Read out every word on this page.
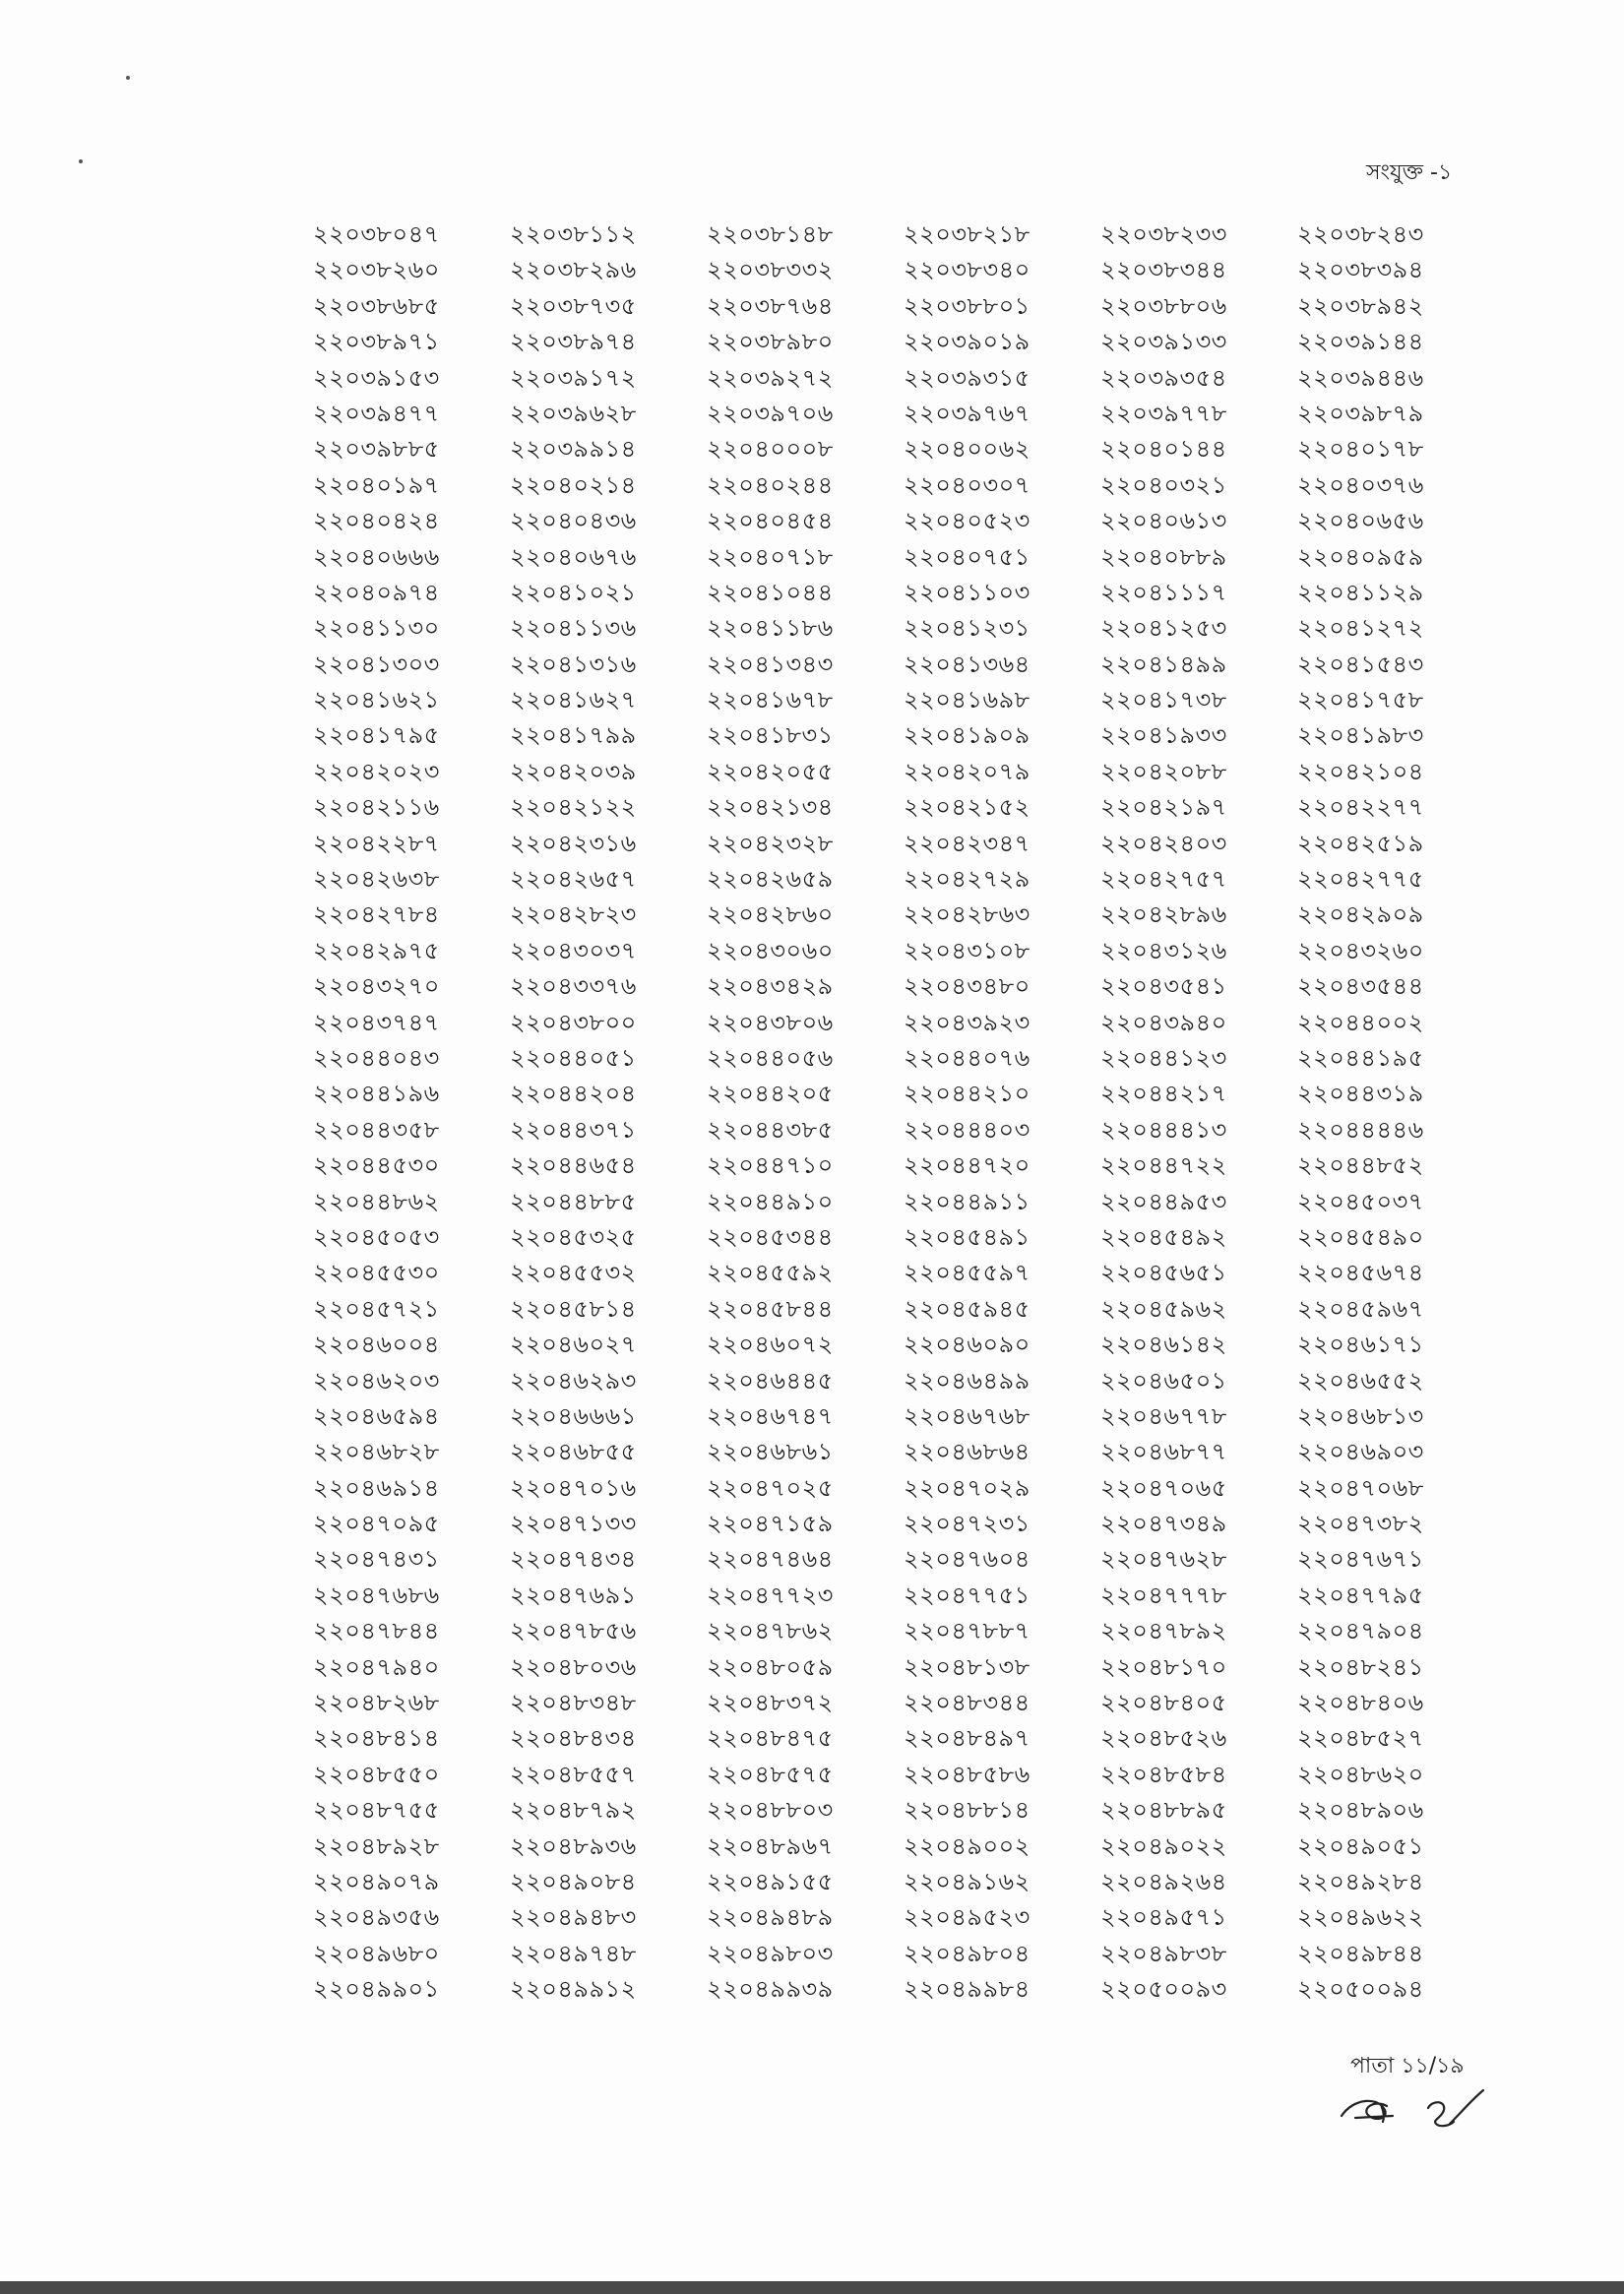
সংযুক্ত -১
২২০৩৮০৪৭	২২০৩৮১১২	২২০৩৮১৪৮	২২০৩৮২১৮	২২০৩৮২৩৩	২২০৩৮২৪৩
২২০৩৮২৬০	২২০৩৮২৯৬	২২০৩৮৩৩২	২২০৩৮৩৪০	২২০৩৮৩৪৪	২২০৩৮৩৯৪
২২০৩৮৬৮৫	২২০৩৮৭৩৫	২২০৩৮৭৬৪	২২০৩৮৮০১	২২০৩৮৮০৬	২২০৩৮৯৪২
২২০৩৮৯৭১	২২০৩৮৯৭৪	২২০৩৮৯৮০	২২০৩৯০১৯	২২০৩৯১৩৩	২২০৩৯১৪৪
২২০৩৯১৫৩	২২০৩৯১৭২	২২০৩৯২৭২	২২০৩৯৩১৫	২২০৩৯৩৫৪	২২০৩৯৪৪৬
২২০৩৯৪৭৭	২২০৩৯৬২৮	২২০৩৯৭০৬	২২০৩৯৭৬৭	২২০৩৯৭৭৮	২২০৩৯৮৭৯
২২০৩৯৮৮৫	২২০৩৯৯১৪	২২০৪০০০৮	২২০৪০০৬২	২২০৪০১৪৪	২২০৪০১৭৮
২২০৪০১৯৭	২২০৪০২১৪	২২০৪০২৪৪	২২০৪০৩০৭	২২০৪০৩২১	২২০৪০৩৭৬
২২০৪০৪২৪	২২০৪০৪৩৬	২২০৪০৪৫৪	২২০৪০৫২৩	২২০৪০৬১৩	২২০৪০৬৫৬
২২০৪০৬৬৬	২২০৪০৬৭৬	২২০৪০৭১৮	২২০৪০৭৫১	২২০৪০৮৮৯	২২০৪০৯৫৯
২২০৪০৯৭৪	২২০৪১০২১	২২০৪১০৪৪	২২০৪১১০৩	২২০৪১১১৭	২২০৪১১২৯
২২০৪১১৩০	২২০৪১১৩৬	২২০৪১১৮৬	২২০৪১২৩১	২২০৪১২৫৩	২২০৪১২৭২
২২০৪১৩০৩	২২০৪১৩১৬	২২০৪১৩৪৩	২২০৪১৩৬৪	২২০৪১৪৯৯	২২০৪১৫৪৩
২২০৪১৬২১	২২০৪১৬২৭	২২০৪১৬৭৮	২২০৪১৬৯৮	২২০৪১৭৩৮	২২০৪১৭৫৮
২২০৪১৭৯৫	২২০৪১৭৯৯	২২০৪১৮৩১	২২০৪১৯০৯	২২০৪১৯৩৩	২২০৪১৯৮৩
২২০৪২০২৩	২২০৪২০৩৯	২২০৪২০৫৫	২২০৪২০৭৯	২২০৪২০৮৮	২২০৪২১০৪
২২০৪২১১৬	২২০৪২১২২	২২০৪২১৩৪	২২০৪২১৫২	২২০৪২১৯৭	২২০৪২২৭৭
২২০৪২২৮৭	২২০৪২৩১৬	২২০৪২৩২৮	২২০৪২৩৪৭	২২০৪২৪০৩	২২০৪২৫১৯
২২০৪২৬৩৮	২২০৪২৬৫৭	২২০৪২৬৫৯	২২০৪২৭২৯	২২০৪২৭৫৭	২২০৪২৭৭৫
২২০৪২৭৮৪	২২০৪২৮২৩	২২০৪২৮৬০	২২০৪২৮৬৩	২২০৪২৮৯৬	২২০৪২৯০৯
২২০৪২৯৭৫	২২০৪৩০৩৭	২২০৪৩০৬০	২২০৪৩১০৮	২২০৪৩১২৬	২২০৪৩২৬০
২২০৪৩২৭০	২২০৪৩৩৭৬	২২০৪৩৪২৯	২২০৪৩৪৮০	২২০৪৩৫৪১	২২০৪৩৫৪৪
২২০৪৩৭৪৭	২২০৪৩৮০০	২২০৪৩৮০৬	২২০৪৩৯২৩	২২০৪৩৯৪০	২২০৪৪০০২
২২০৪৪০৪৩	২২০৪৪০৫১	২২০৪৪০৫৬	২২০৪৪০৭৬	২২০৪৪১২৩	২২০৪৪১৯৫
২২০৪৪১৯৬	২২০৪৪২০৪	২২০৪৪২০৫	২২০৪৪২১০	২২০৪৪২১৭	২২০৪৪৩১৯
২২০৪৪৩৫৮	২২০৪৪৩৭১	২২০৪৪৩৮৫	২২০৪৪৪০৩	২২০৪৪৪১৩	২২০৪৪৪৪৬
২২০৪৪৫৩০	২২০৪৪৬৫৪	২২০৪৪৭১০	২২০৪৪৭২০	২২০৪৪৭২২	২২০৪৪৮৫২
২২০৪৪৮৬২	২২০৪৪৮৮৫	২২০৪৪৯১০	২২০৪৪৯১১	২২০৪৪৯৫৩	২২০৪৫০৩৭
২২০৪৫০৫৩	২২০৪৫৩২৫	২২০৪৫৩৪৪	২২০৪৫৪৯১	২২০৪৫৪৯২	২২০৪৫৪৯০
২২০৪৫৫৩০	২২০৪৫৫৩২	২২০৪৫৫৯২	২২০৪৫৫৯৭	২২০৪৫৬৫১	২২০৪৫৬৭৪
২২০৪৫৭২১	২২০৪৫৮১৪	২২০৪৫৮৪৪	২২০৪৫৯৪৫	২২০৪৫৯৬২	২২০৪৫৯৬৭
২২০৪৬০০৪	২২০৪৬০২৭	২২০৪৬০৭২	২২০৪৬০৯০	২২০৪৬১৪২	২২০৪৬১৭১
২২০৪৬২০৩	২২০৪৬২৯৩	২২০৪৬৪৪৫	২২০৪৬৪৯৯	২২০৪৬৫০১	২২০৪৬৫৫২
২২০৪৬৫৯৪	২২০৪৬৬৬১	২২০৪৬৭৪৭	২২০৪৬৭৬৮	২২০৪৬৭৭৮	২২০৪৬৮১৩
২২০৪৬৮২৮	২২০৪৬৮৫৫	২২০৪৬৮৬১	২২০৪৬৮৬৪	২২০৪৬৮৭৭	২২০৪৬৯০৩
২২০৪৬৯১৪	২২০৪৭০১৬	২২০৪৭০২৫	২২০৪৭০২৯	২২০৪৭০৬৫	২২০৪৭০৬৮
২২০৪৭০৯৫	২২০৪৭১৩৩	২২০৪৭১৫৯	২২০৪৭২৩১	২২০৪৭৩৪৯	২২০৪৭৩৮২
২২০৪৭৪৩১	২২০৪৭৪৩৪	২২০৪৭৪৬৪	২২০৪৭৬০৪	২২০৪৭৬২৮	২২০৪৭৬৭১
২২০৪৭৬৮৬	২২০৪৭৬৯১	২২০৪৭৭২৩	২২০৪৭৭৫১	২২০৪৭৭৭৮	২২০৪৭৭৯৫
২২০৪৭৮৪৪	২২০৪৭৮৫৬	২২০৪৭৮৬২	২২০৪৭৮৮৭	২২০৪৭৮৯২	২২০৪৭৯০৪
২২০৪৭৯৪০	২২০৪৮০৩৬	২২০৪৮০৫৯	২২০৪৮১৩৮	২২০৪৮১৭০	২২০৪৮২৪১
২২০৪৮২৬৮	২২০৪৮৩৪৮	২২০৪৮৩৭২	২২০৪৮৩৪৪	২২০৪৮৪০৫	২২০৪৮৪০৬
২২০৪৮৪১৪	২২০৪৮৪৩৪	২২০৪৮৪৭৫	২২০৪৮৪৯৭	২২০৪৮৫২৬	২২০৪৮৫২৭
২২০৪৮৫৫০	২২০৪৮৫৫৭	২২০৪৮৫৭৫	২২০৪৮৫৮৬	২২০৪৮৫৮৪	২২০৪৮৬২০
২২০৪৮৭৫৫	২২০৪৮৭৯২	২২০৪৮৮০৩	২২০৪৮৮১৪	২২০৪৮৮৯৫	২২০৪৮৯০৬
২২০৪৮৯২৮	২২০৪৮৯৩৬	২২০৪৮৯৬৭	২২০৪৯০০২	২২০৪৯০২২	২২০৪৯০৫১
২২০৪৯০৭৯	২২০৪৯০৮৪	২২০৪৯১৫৫	২২০৪৯১৬২	২২০৪৯২৬৪	২২০৪৯২৮৪
২২০৪৯৩৫৬	২২০৪৯৪৮৩	২২০৪৯৪৮৯	২২০৪৯৫২৩	২২০৪৯৫৭১	২২০৪৯৬২২
২২০৪৯৬৮০	২২০৪৯৭৪৮	২২০৪৯৮০৩	২২০৪৯৮০৪	২২০৪৯৮৩৮	২২০৪৯৮৪৪
২২০৪৯৯০১	২২০৪৯৯১২	২২০৪৯৯৩৯	২২০৪৯৯৮৪	২২০৫০০৯৩	২২০৫০০৯৪
পাতা ১১/১৯
